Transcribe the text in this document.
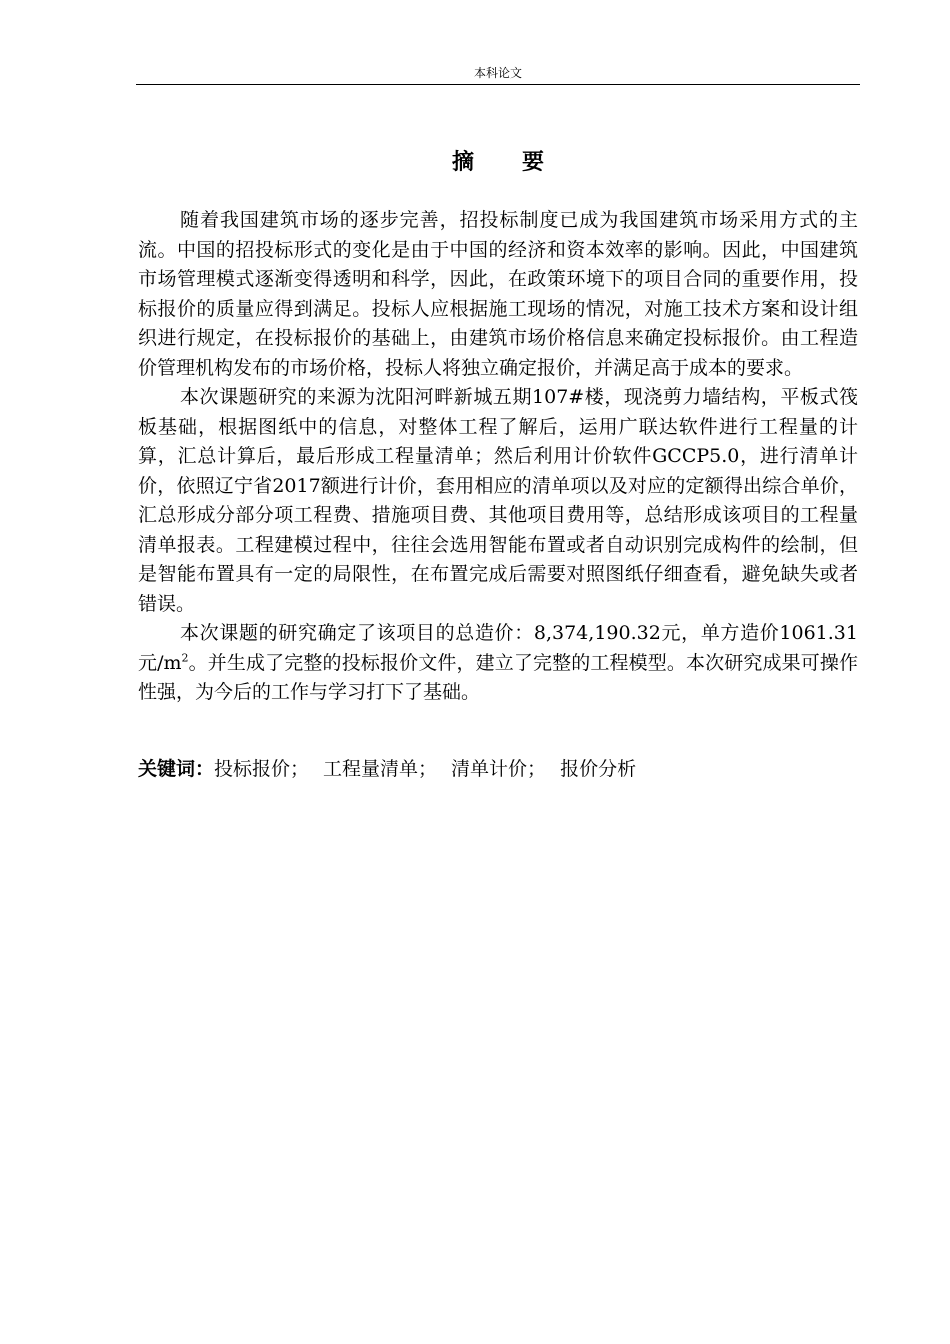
本科论文
摘 要

随着我国建筑市场的逐步完善，招投标制度已成为我国建筑市场采用方式的主流。中国的招投标形式的变化是由于中国的经济和资本效率的影响。因此，中国建筑市场管理模式逐渐变得透明和科学，因此，在政策环境下的项目合同的重要作用，投标报价的质量应得到满足。投标人应根据施工现场的情况，对施工技术方案和设计组织进行规定，在投标报价的基础上，由建筑市场价格信息来确定投标报价。由工程造价管理机构发布的市场价格，投标人将独立确定报价，并满足高于成本的要求。

本次课题研究的来源为沈阳河畔新城五期107#楼，现浇剪力墙结构，平板式筏板基础，根据图纸中的信息，对整体工程了解后，运用广联达软件进行工程量的计算，汇总计算后，最后形成工程量清单；然后利用计价软件GCCP5.0，进行清单计价，依照辽宁省2017额进行计价，套用相应的清单项以及对应的定额得出综合单价，汇总形成分部分项工程费、措施项目费、其他项目费用等，总结形成该项目的工程量清单报表。工程建模过程中，往往会选用智能布置或者自动识别完成构件的绘制，但是智能布置具有一定的局限性，在布置完成后需要对照图纸仔细查看，避免缺失或者错误。

本次课题的研究确定了该项目的总造价：8,374,190.32元，单方造价1061.31元$/m^2$。并生成了完整的投标报价文件，建立了完整的工程模型。本次研究成果可操作性强，为今后的工作与学习打下了基础。

关键词：投标报价； 工程量清单； 清单计价； 报价分析
